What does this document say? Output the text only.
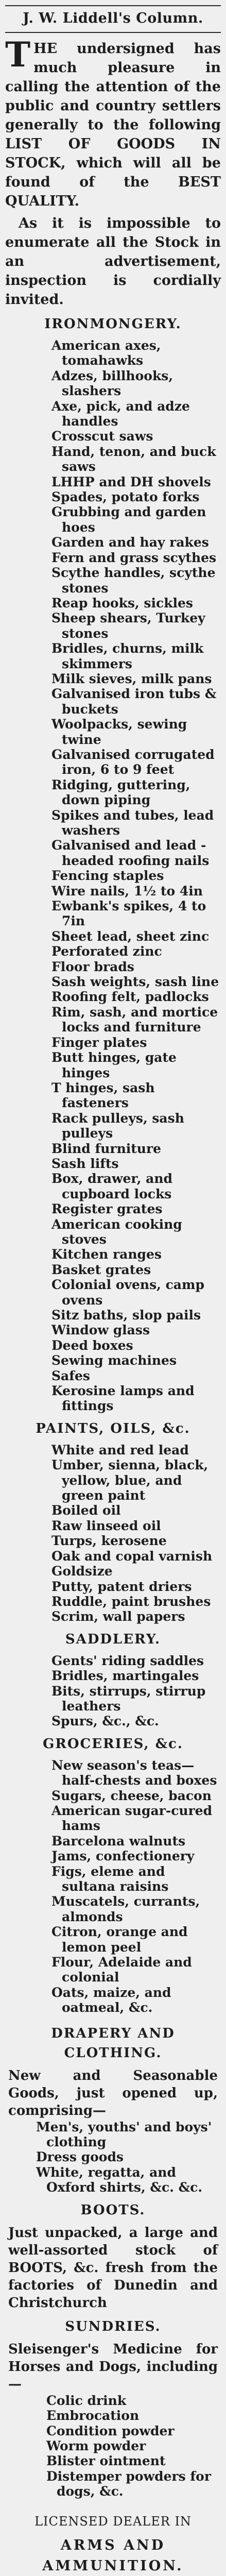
J. W. Liddell's Column.

THE undersigned has much pleasure in calling the attention of the public and country settlers generally to the following LIST OF GOODS IN STOCK, which will all be found of the BEST QUALITY.

As it is impossible to enumerate all the Stock in an advertisement, inspection is cordially invited.

IRONMONGERY.
American axes, tomahawks
Adzes, billhooks, slashers
Axe, pick, and adze handles
Crosscut saws
Hand, tenon, and buck saws
LHHP and DH shovels
Spades, potato forks
Grubbing and garden hoes
Garden and hay rakes
Fern and grass scythes
Scythe handles, scythe stones
Reap hooks, sickles
Sheep shears, Turkey stones
Bridles, churns, milk skimmers
Milk sieves, milk pans
Galvanised iron tubs & buckets
Woolpacks, sewing twine
Galvanised corrugated iron, 6 to 9 feet
Ridging, guttering, down piping
Spikes and tubes, lead washers
Galvanised and lead - headed roofing nails
Fencing staples
Wire nails, 1½ to 4in
Ewbank's spikes, 4 to 7in
Sheet lead, sheet zinc
Perforated zinc
Floor brads
Sash weights, sash line
Roofing felt, padlocks
Rim, sash, and mortice locks and furniture
Finger plates
Butt hinges, gate hinges
T hinges, sash fasteners
Rack pulleys, sash pulleys
Blind furniture
Sash lifts
Box, drawer, and cupboard locks
Register grates
American cooking stoves
Kitchen ranges
Basket grates
Colonial ovens, camp ovens
Sitz baths, slop pails
Window glass
Deed boxes
Sewing machines
Safes
Kerosine lamps and fittings
PAINTS, OILS, &c.
White and red lead
Umber, sienna, black, yellow, blue, and green paint
Boiled oil
Raw linseed oil
Turps, kerosene
Oak and copal varnish
Goldsize
Putty, patent driers
Ruddle, paint brushes
Scrim, wall papers
SADDLERY.
Gents' riding saddles
Bridles, martingales
Bits, stirrups, stirrup leathers
Spurs, &c., &c.
GROCERIES, &c.
New season's teas—half-chests and boxes
Sugars, cheese, bacon
American sugar-cured hams
Barcelona walnuts
Jams, confectionery
Figs, eleme and sultana raisins
Muscatels, currants, almonds
Citron, orange and lemon peel
Flour, Adelaide and colonial
Oats, maize, and oatmeal, &c.
DRAPERY AND CLOTHING.
New and Seasonable Goods, just opened up, comprising—
Men's, youths' and boys' clothing
Dress goods
White, regatta, and Oxford shirts, &c. &c.
BOOTS.
Just unpacked, a large and well-assorted stock of BOOTS, &c. fresh from the factories of Dunedin and Christchurch
SUNDRIES.
Sleisenger's Medicine for Horses and Dogs, including—
Colic drink
Embrocation
Condition powder
Worm powder
Blister ointment
Distemper powders for dogs, &c.
LICENSED DEALER IN
ARMS AND AMMUNITION.
